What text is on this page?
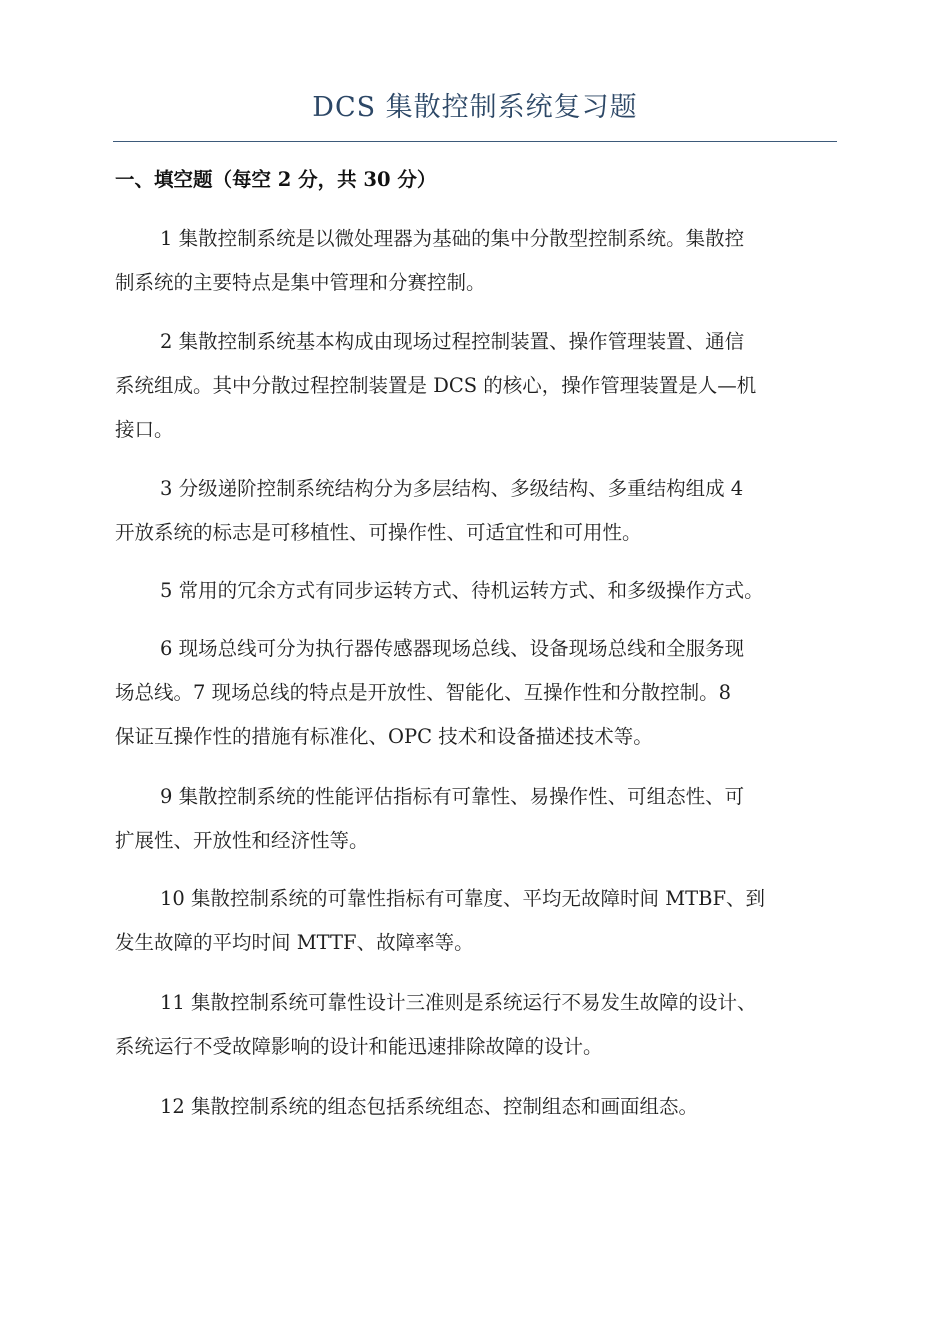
DCS 集散控制系统复习题
一、填空题（每空 2 分，共 30 分）
1 集散控制系统是以微处理器为基础的集中分散型控制系统。集散控
制系统的主要特点是集中管理和分赛控制。
2 集散控制系统基本构成由现场过程控制装置、操作管理装置、通信
系统组成。其中分散过程控制装置是 DCS 的核心，操作管理装置是人—机
接口。
3 分级递阶控制系统结构分为多层结构、多级结构、多重结构组成 4
开放系统的标志是可移植性、可操作性、可适宜性和可用性。
5 常用的冗余方式有同步运转方式、待机运转方式、和多级操作方式。
6 现场总线可分为执行器传感器现场总线、设备现场总线和全服务现
场总线。7 现场总线的特点是开放性、智能化、互操作性和分散控制。8
保证互操作性的措施有标准化、OPC 技术和设备描述技术等。
9 集散控制系统的性能评估指标有可靠性、易操作性、可组态性、可
扩展性、开放性和经济性等。
10 集散控制系统的可靠性指标有可靠度、平均无故障时间 MTBF、到
发生故障的平均时间 MTTF、故障率等。
11 集散控制系统可靠性设计三准则是系统运行不易发生故障的设计、
系统运行不受故障影响的设计和能迅速排除故障的设计。
12 集散控制系统的组态包括系统组态、控制组态和画面组态。
